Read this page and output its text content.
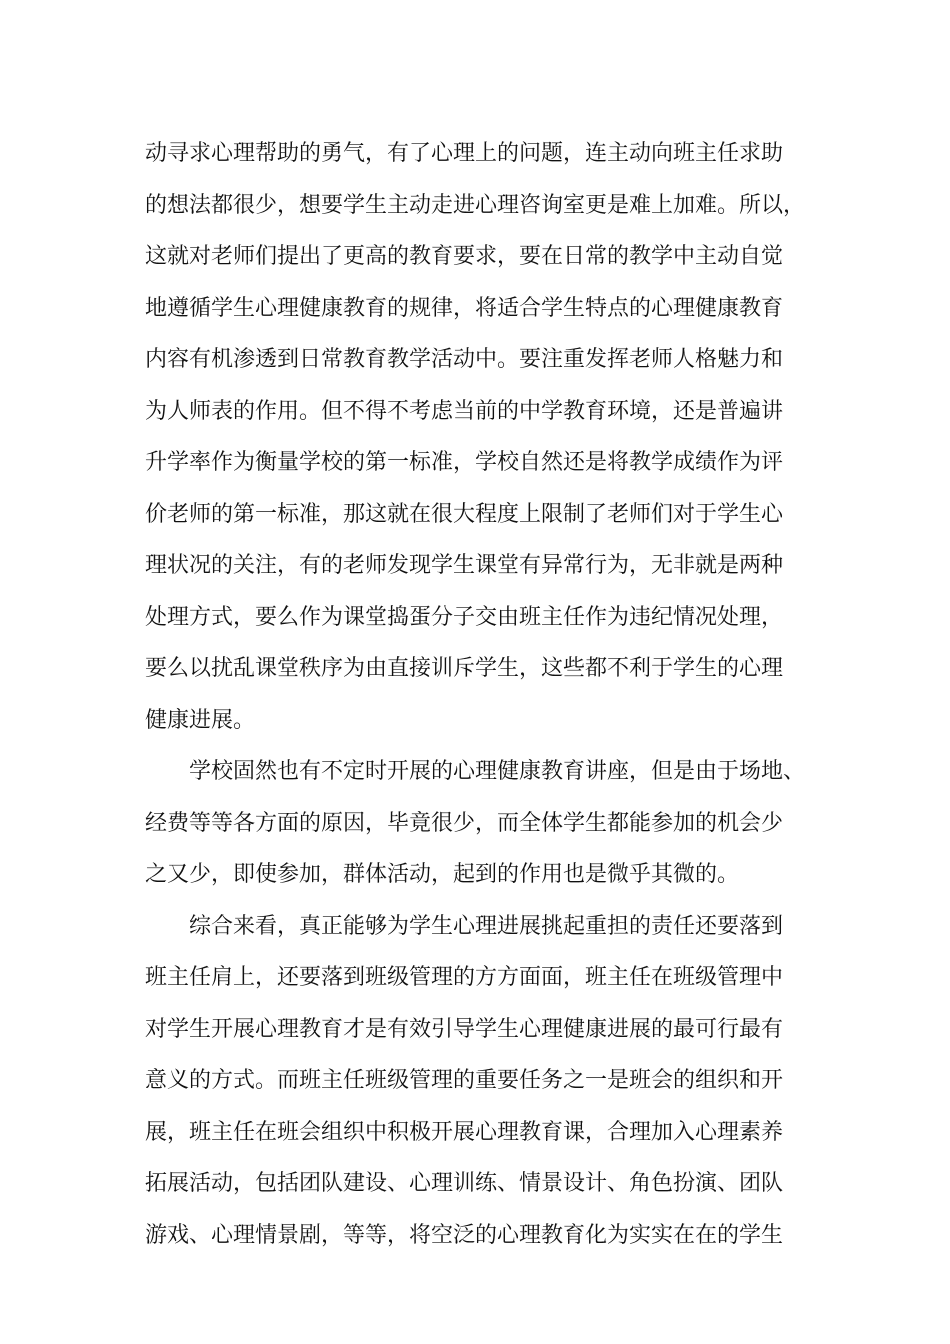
动寻求心理帮助的勇气，有了心理上的问题，连主动向班主任求助
的想法都很少，想要学生主动走进心理咨询室更是难上加难。所以，
这就对老师们提出了更高的教育要求，要在日常的教学中主动自觉
地遵循学生心理健康教育的规律，将适合学生特点的心理健康教育
内容有机渗透到日常教育教学活动中。要注重发挥老师人格魅力和
为人师表的作用。但不得不考虑当前的中学教育环境，还是普遍讲
升学率作为衡量学校的第一标准，学校自然还是将教学成绩作为评
价老师的第一标准，那这就在很大程度上限制了老师们对于学生心
理状况的关注，有的老师发现学生课堂有异常行为，无非就是两种
处理方式，要么作为课堂捣蛋分子交由班主任作为违纪情况处理，
要么以扰乱课堂秩序为由直接训斥学生，这些都不利于学生的心理
健康进展。
学校固然也有不定时开展的心理健康教育讲座，但是由于场地、
经费等等各方面的原因，毕竟很少，而全体学生都能参加的机会少
之又少，即使参加，群体活动，起到的作用也是微乎其微的。
综合来看，真正能够为学生心理进展挑起重担的责任还要落到
班主任肩上，还要落到班级管理的方方面面，班主任在班级管理中
对学生开展心理教育才是有效引导学生心理健康进展的最可行最有
意义的方式。而班主任班级管理的重要任务之一是班会的组织和开
展，班主任在班会组织中积极开展心理教育课，合理加入心理素养
拓展活动，包括团队建设、心理训练、情景设计、角色扮演、团队
游戏、心理情景剧，等等，将空泛的心理教育化为实实在在的学生
